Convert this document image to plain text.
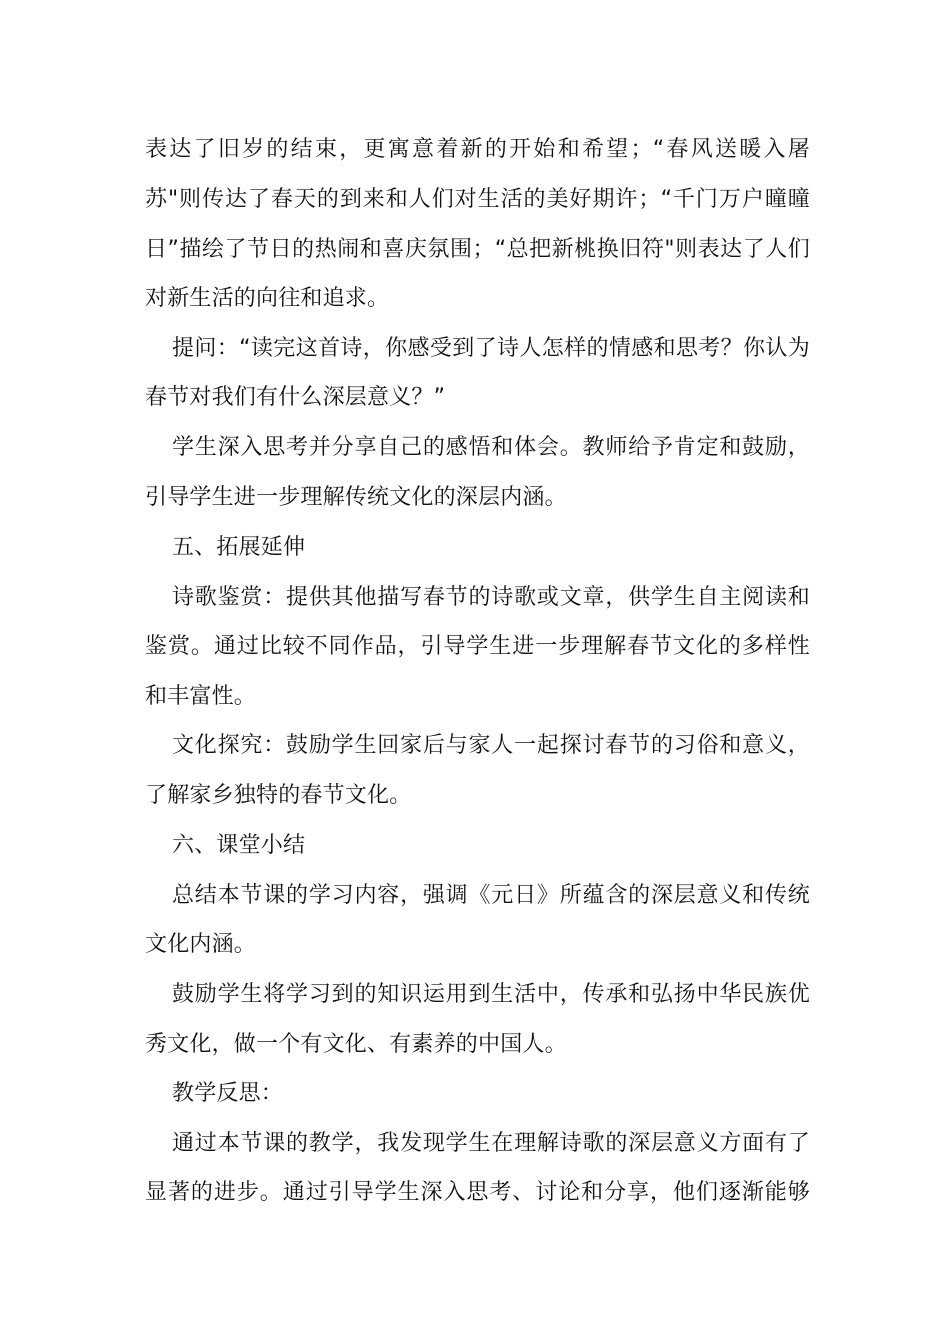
表达了旧岁的结束，更寓意着新的开始和希望；“春风送暖入屠
苏"则传达了春天的到来和人们对生活的美好期许；“千门万户曈曈
日”描绘了节日的热闹和喜庆氛围；“总把新桃换旧符"则表达了人们
对新生活的向往和追求。
提问：“读完这首诗，你感受到了诗人怎样的情感和思考？你认为
春节对我们有什么深层意义？”
学生深入思考并分享自己的感悟和体会。教师给予肯定和鼓励，
引导学生进一步理解传统文化的深层内涵。
五、拓展延伸
诗歌鉴赏：提供其他描写春节的诗歌或文章，供学生自主阅读和
鉴赏。通过比较不同作品，引导学生进一步理解春节文化的多样性
和丰富性。
文化探究：鼓励学生回家后与家人一起探讨春节的习俗和意义，
了解家乡独特的春节文化。
六、课堂小结
总结本节课的学习内容，强调《元日》所蕴含的深层意义和传统
文化内涵。
鼓励学生将学习到的知识运用到生活中，传承和弘扬中华民族优
秀文化，做一个有文化、有素养的中国人。
教学反思：
通过本节课的教学，我发现学生在理解诗歌的深层意义方面有了
显著的进步。通过引导学生深入思考、讨论和分享，他们逐渐能够
